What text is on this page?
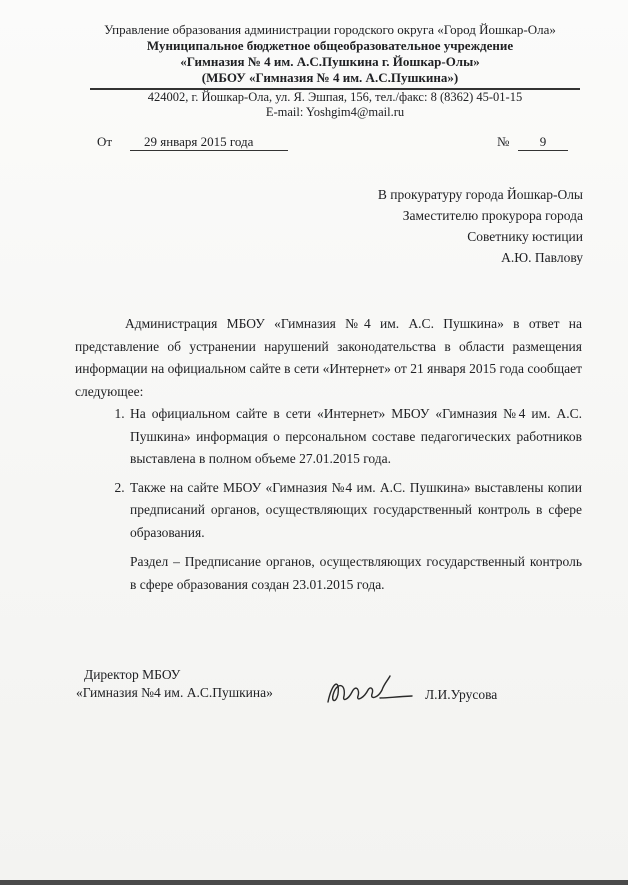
Управление образования администрации городского округа «Город Йошкар-Ола»
Муниципальное бюджетное общеобразовательное учреждение
«Гимназия № 4 им. А.С.Пушкина г. Йошкар-Олы»
(МБОУ «Гимназия № 4 им. А.С.Пушкина»)
424002, г. Йошкар-Ола, ул. Я. Эшпая, 156, тел./факс: 8 (8362) 45-01-15
E-mail: Yoshgim4@mail.ru
От	29 января 2015 года	№	9
В прокуратуру города Йошкар-Олы
Заместителю прокурора города
Советнику юстиции
А.Ю. Павлову

Администрация МБОУ «Гимназия №4 им. А.С. Пушкина» в ответ на представление об устранении нарушений законодательства в области размещения информации на официальном сайте в сети «Интернет» от 21 января 2015 года сообщает следующее:

1. На официальном сайте в сети «Интернет» МБОУ «Гимназия №4 им. А.С. Пушкина» информация о персональном составе педагогических работников выставлена в полном объеме 27.01.2015 года.
2. Также на сайте МБОУ «Гимназия №4 им. А.С. Пушкина» выставлены копии предписаний органов, осуществляющих государственный контроль в сфере образования.
Раздел – Предписание органов, осуществляющих государственный контроль в сфере образования создан 23.01.2015 года.
Директор МБОУ
«Гимназия №4 им. А.С.Пушкина»	Л.И.Урусова
